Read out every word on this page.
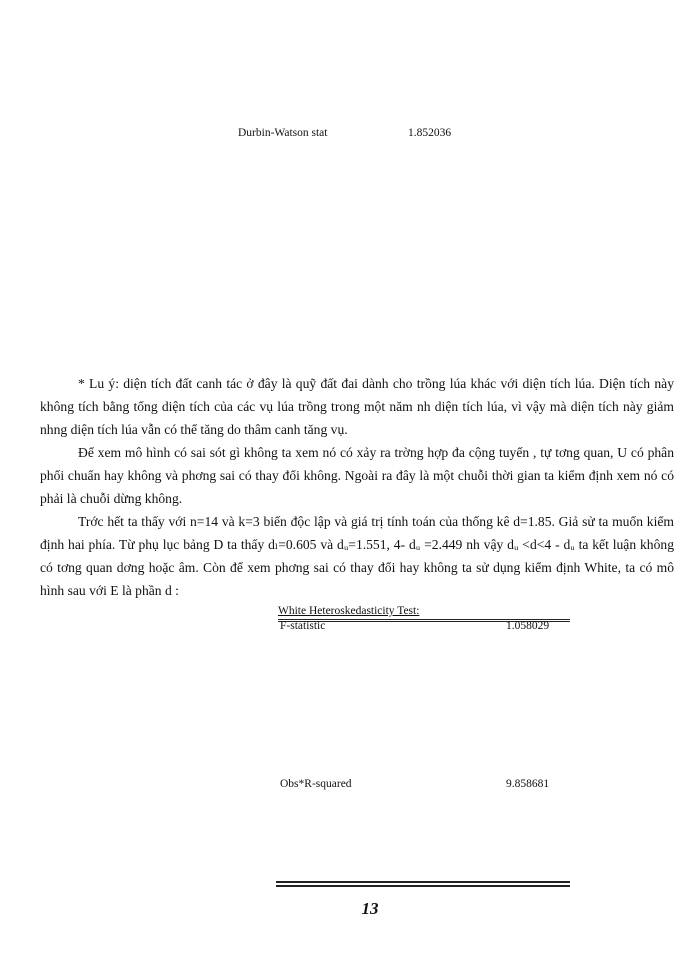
Durbin-Watson stat	1.852036

* Lu ý: diện tích đất canh tác ở đây là quỹ đất đai dành cho trồng lúa khác với diện tích lúa. Diện tích này không tích bằng tổng diện tích của các vụ lúa trồng trong một năm nh diện tích lúa, vì vậy mà diện tích này giảm nhng diện tích lúa vẫn có thể tăng do thâm canh tăng vụ.

Để xem mô hình có sai sót gì không ta xem nó có xảy ra trờng hợp đa cộng tuyến , tự tơng quan, U có phân phối chuẩn hay không và phơng sai có thay đổi không. Ngoài ra đây là một chuỗi thời gian ta kiểm định xem nó có phải là chuỗi dừng không.

Trớc hết ta thấy với n=14 và k=3 biến độc lập và giá trị tính toán của thống kê d=1.85. Giả sử ta muốn kiểm định hai phía. Từ phụ lục bảng D ta thấy dₗ=0.605 và dᵤ=1.551, 4- dᵤ =2.449 nh vậy dᵤ <d<4 - dᵤ ta kết luận không có tơng quan dơng hoặc âm. Còn để xem phơng sai có thay đổi hay không ta sử dụng kiểm định White, ta có mô hình sau với E là phần d :

White Heteroskedasticity Test:
F-statistic	1.058029
Obs*R-squared	9.858681
13
